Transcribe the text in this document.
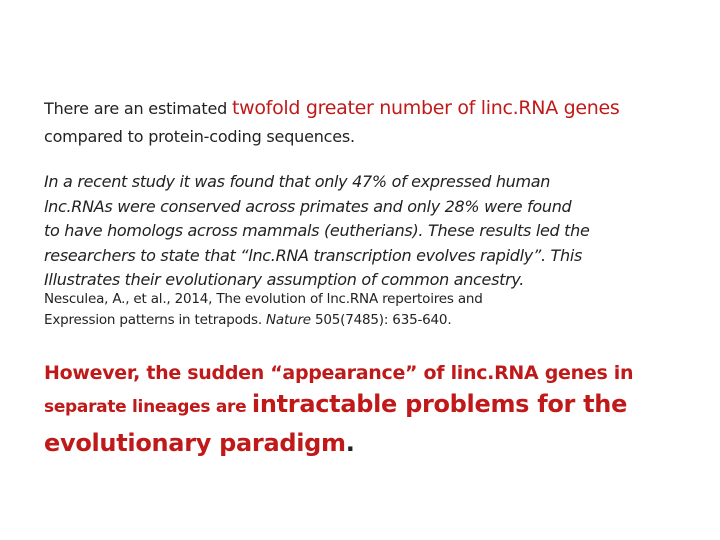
There are an estimated twofold greater number of linc.RNA genes
compared to protein-coding sequences.
In a recent study it was found that only 47% of expressed human
lnc.RNAs were conserved across primates and only 28% were found
to have homologs across mammals (eutherians). These results led the
researchers to state that “lnc.RNA transcription evolves rapidly”. This
Illustrates their evolutionary assumption of common ancestry.
Nesculea, A., et al., 2014, The evolution of lnc.RNA repertoires and
Expression patterns in tetrapods. Nature 505(7485): 635-640.
However, the sudden “appearance” of linc.RNA genes in
separate lineages are intractable problems for the
evolutionary paradigm.
